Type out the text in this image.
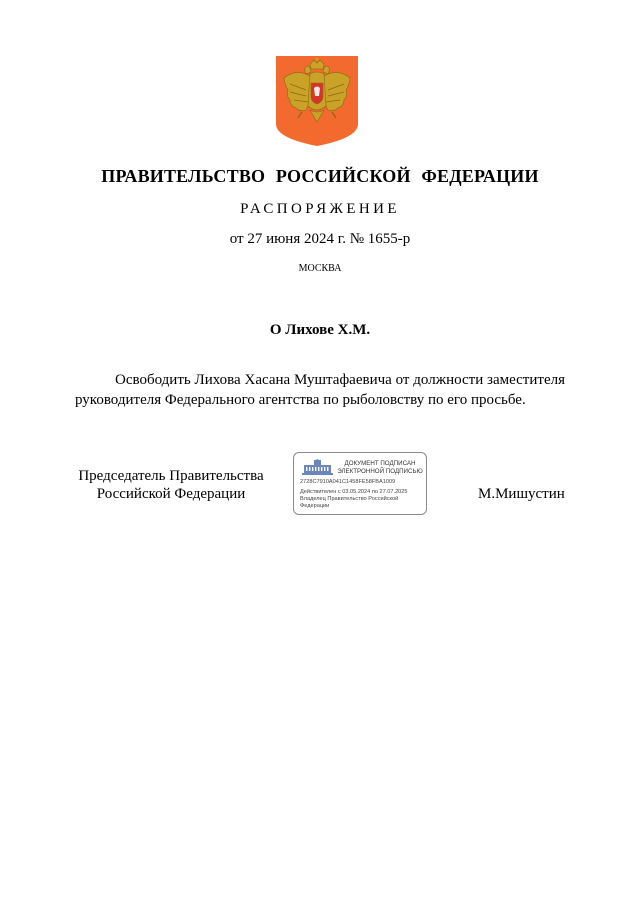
ПРАВИТЕЛЬСТВО РОССИЙСКОЙ ФЕДЕРАЦИИ
РАСПОРЯЖЕНИЕ
от 27 июня 2024 г. № 1655-р
МОСКВА
О Лихове Х.М.

Освободить Лихова Хасана Муштафаевича от должности заместителя руководителя Федерального агентства по рыболовству по его просьбе.

Председатель Правительства
Российской Федерации
ДОКУМЕНТ ПОДПИСАН
ЭЛЕКТРОННОЙ ПОДПИСЬЮ
2728C7910A041C1458FE58FBA1009
Действителен с 03.05.2024 по 27.07.2025
Владелец Правительство Российской
Федерации
М.Мишустин
